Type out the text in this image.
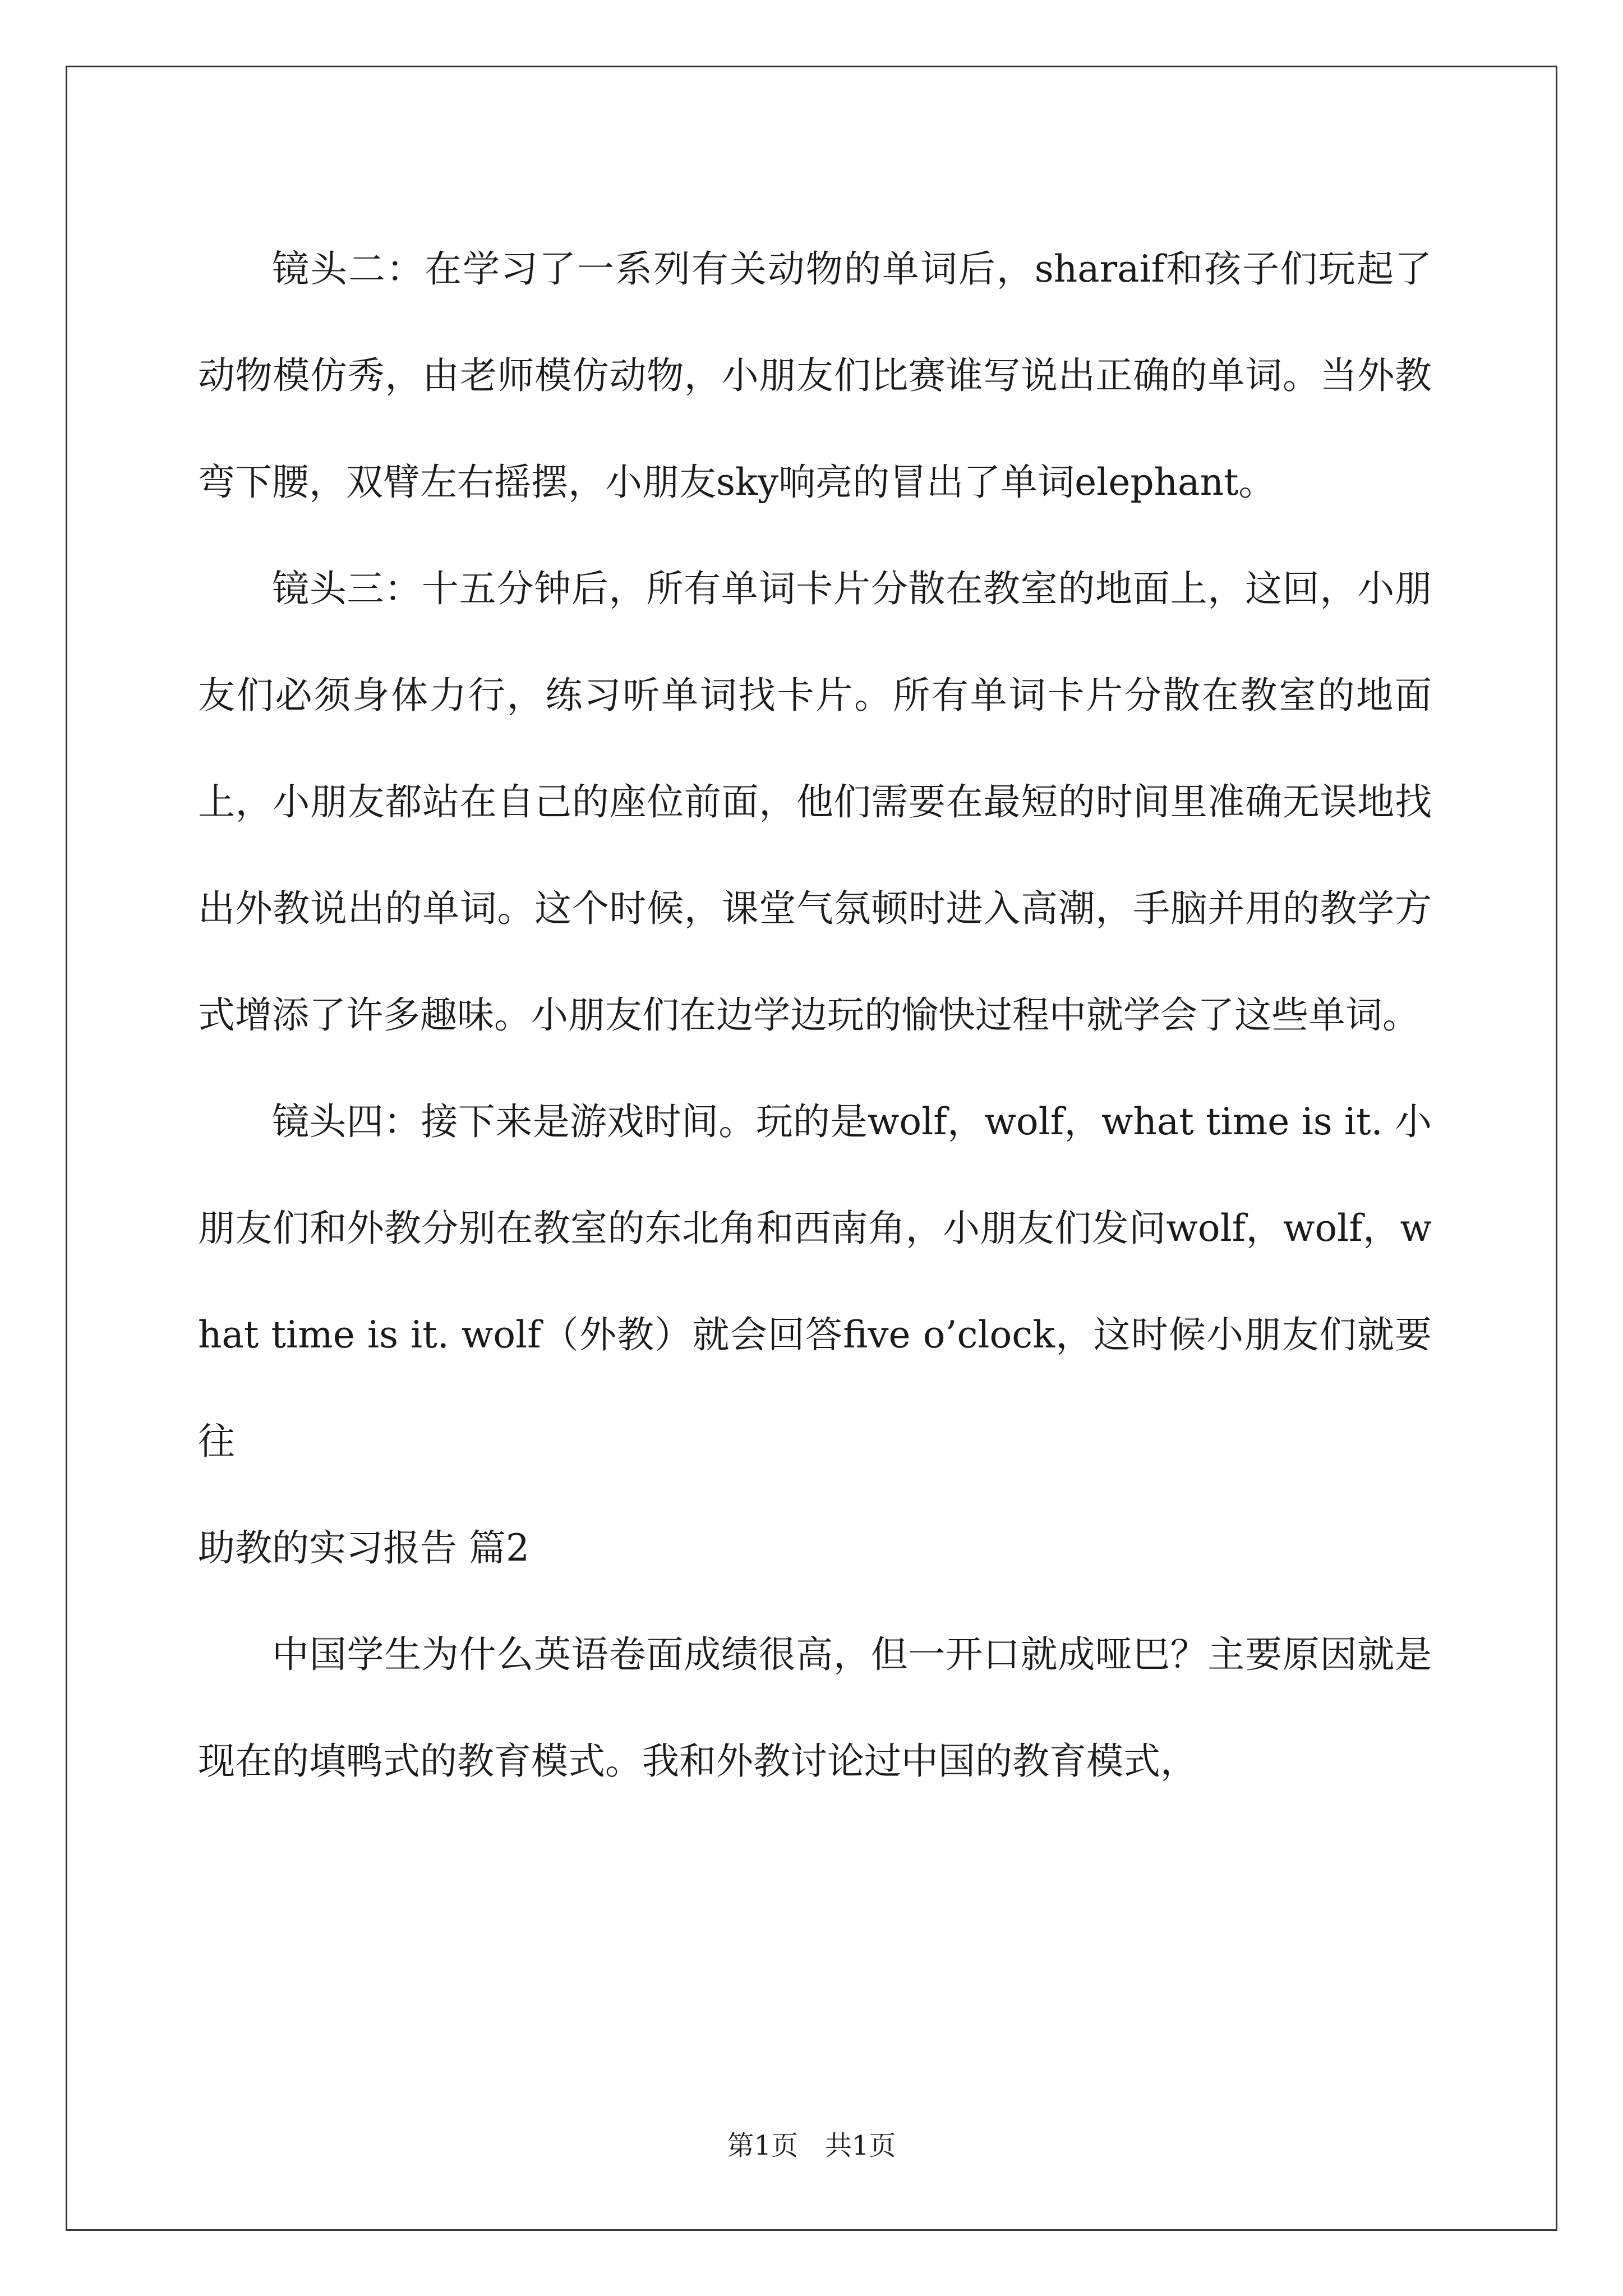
镜头二：在学习了一系列有关动物的单词后，sharaif和孩子们玩起了动物模仿秀，由老师模仿动物，小朋友们比赛谁写说出正确的单词。当外教弯下腰，双臂左右摇摆，小朋友sky响亮的冒出了单词elephant。

镜头三：十五分钟后，所有单词卡片分散在教室的地面上，这回，小朋友们必须身体力行，练习听单词找卡片。所有单词卡片分散在教室的地面上，小朋友都站在自己的座位前面，他们需要在最短的时间里准确无误地找出外教说出的单词。这个时候，课堂气氛顿时进入高潮，手脑并用的教学方式增添了许多趣味。小朋友们在边学边玩的愉快过程中就学会了这些单词。

镜头四：接下来是游戏时间。玩的是wolf，wolf，what time is it. 小朋友们和外教分别在教室的东北角和西南角，小朋友们发问wolf，wolf，what time is it. wolf（外教）就会回答five o’clock，这时候小朋友们就要往

助教的实习报告 篇2

中国学生为什么英语卷面成绩很高，但一开口就成哑巴？主要原因就是现在的填鸭式的教育模式。我和外教讨论过中国的教育模式，

第1页　共1页
